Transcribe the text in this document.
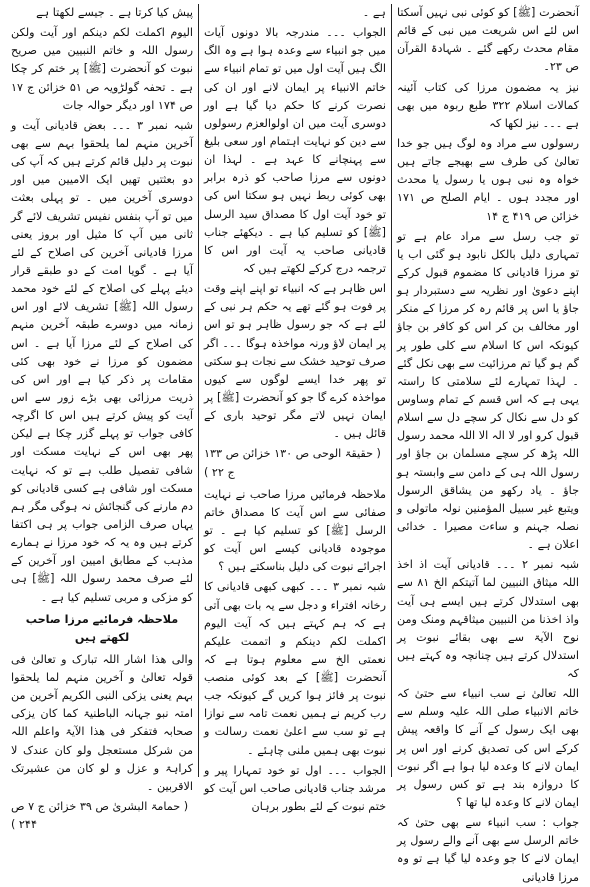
آنحضرت [ﷺ] کو کوئی نبی نہیں آسکتا اس لئے اس شریعت میں نبی کے قائم مقام محدث رکھے گئے ۔ شہادۃ القرآن ص ۲۳۔

نیز یہ مضمون مرزا کی کتاب آئینہ کمالات اسلام ۳۲۲ طبع ربوہ میں بھی ہے ۔۔۔ نیز لکھا کہ

رسولوں سے مراد وہ لوگ ہیں جو خدا تعالیٰ کی طرف سے بھیجے جاتے ہیں خواہ وہ نبی ہوں یا رسول یا محدث اور مجدد ہوں ۔ ایام الصلح ص ۱۷۱ خزائن ص ۴۱۹ ج ۱۴

تو جب رسل سے مراد عام ہے تو تمہاری دلیل بالکل نابود ہو گئی اب یا تو مرزا قادیانی کا مضموم قبول کرکے اپنے دعویٰ اور نظریہ سے دستبردار ہو جاؤ یا اس پر قائم رہ کر مرزا کے منکر اور مخالف بن کر اس کو کافر بن جاؤ کیونکہ اس کا اسلام سے کلی طور پر گم ہو گیا تم مرزائیت سے بھی نکل گئے ۔ لہذا تمہارے لئے سلامتی کا راستہ یہی ہے کہ اس قسم کے تمام وساوس کو دل سے نکال کر سچے دل سے اسلام قبول کرو اور لا الہ الا اللہ محمد رسول اللہ پڑھ کر سچے مسلمان بن جاؤ اور رسول اللہ ہی کے دامن سے وابستہ ہو جاؤ ۔ یاد رکھو من یشاقق الرسول ویتبع غیر سبیل المؤمنین نولہ ماتولی و نصلہ جہنم و ساءت مصیرا ۔ خدائی اعلان ہے ۔

شبہ نمبر ۲ ۔۔۔ قادیانی آیت اذ اخذ اللہ میثاق النبیین لما آتیتکم الخ ۸۱ سے بھی استدلال کرتے ہیں ایسے ہی آیت واذ اخذنا من النبیین میثاقہم ومنک ومن نوح الآیۃ سے بھی بقائے نبوت پر استدلال کرتے ہیں چنانچہ وہ کہتے ہیں کہ

اللہ تعالیٰ نے سب انبیاء سے حتیٰ کہ خاتم الانبیاء صلی اللہ علیہ وسلم سے بھی ایک رسول کے آنے کا واقعہ پیش کرکے اس کی تصدیق کرنے اور اس پر ایمان لانے کا وعدہ لیا ہوا ہے اگر نبوت کا دروازہ بند ہے تو کس رسول پر ایمان لانے کا وعدہ لیا تھا ؟

جواب : سب انبیاء سے بھی حتیٰ کہ خاتم الرسل سے بھی آنے والے رسول پر ایمان لانے کا جو وعدہ لیا گیا ہے تو وہ مرزا قادیانی

ہے ۔

الجواب ۔۔۔ مندرجہ بالا دونوں آیات میں جو انبیاء سے وعدہ ہوا ہے وہ الگ الگ ہیں آیت اول میں تو تمام انبیاء سے خاتم الانبیاء پر ایمان لانے اور ان کی نصرت کرنے کا حکم دیا گیا ہے اور دوسری آیت میں ان اولوالعزم رسولوں سے دین کو نہایت اہتمام اور سعی بلیغ سے پہنچانے کا عہد ہے ۔ لہذا ان دونوں سے مرزا صاحب کو ذرہ برابر بھی کوئی ربط نہیں ہو سکتا اس کی تو خود آیت اول کا مصداق سید الرسل [ﷺ] کو تسلیم کیا ہے ۔ دیکھئے جناب قادیانی صاحب یہ آیت اور اس کا ترجمہ درج کرکے لکھتے ہیں کہ

اس ظاہر ہے کہ انبیاء تو اپنے اپنے وقت پر فوت ہو گئے تھے یہ حکم ہر نبی کے لئے ہے کہ جو رسول ظاہر ہو تو اس پر ایمان لاؤ ورنہ مواخذہ ہوگا ۔۔۔ اگر صرف توحید خشک سے نجات ہو سکتی تو پھر خدا ایسے لوگوں سے کیوں مواخذہ کرے گا جو کو آنحضرت [ﷺ] پر ایمان نہیں لاتے مگر توحید باری کے قائل ہیں ۔

( حقیقۃ الوحی ص ۱۳۰ خزائن ص ۱۳۳ ج ۲۲ )

ملاحظہ فرمائیں مرزا صاحب نے نہایت صفائی سے اس آیت کا مصداق خاتم الرسل [ﷺ] کو تسلیم کیا ہے ۔ تو موجودہ قادیانی کیسے اس آیت کو اجرائے نبوت کی دلیل بناسکتے ہیں ؟

شبہ نمبر ۳ ۔۔۔ کبھی کبھی قادیانی کا رخانہ افتراء و دجل سے یہ بات بھی آتی ہے کہ ہم کہتے ہیں کہ آیت الیوم اکملت لکم دینکم و اتممت علیکم نعمتی الخ سے معلوم ہوتا ہے کہ آنحضرت [ﷺ] کے بعد کوئی منصب نبوت پر فائز ہوا کریں گے کیونکہ جب رب کریم نے ہمیں نعمت تامہ سے نوازا ہے تو سب سے اعلیٰ نعمت رسالت و نبوت بھی ہمیں ملنی چاہئے ۔

الجواب ۔۔۔ اول تو خود تمہارا پیر و مرشد جناب قادیانی صاحب اس آیت کو ختم نبوت کے لئے بطور برہان

پیش کیا کرتا ہے ۔ جیسے لکھتا ہے

الیوم اکملت لکم دینکم اور آیت ولکن رسول اللہ و خاتم النبیین میں صریح نبوت کو آنحضرت [ﷺ] پر ختم کر چکا ہے ۔ تحفہ گولڑویہ ص ۵۱ خزائن ج ۱۷ ص ۱۷۴ اور دیگر حوالہ جات

شبہ نمبر ۳ ۔۔۔ بعض قادیانی آیت و آخرین منہم لما یلحقوا بہم سے بھی نبوت پر دلیل قائم کرتے ہیں کہ آپ کی دو بعثتیں تھیں ایک الامیین میں اور دوسری آخرین میں ۔ تو پہلی بعثت میں تو آپ بنفس نفیس تشریف لائے گر ثانی میں آپ کا مثیل اور بروز یعنی مرزا قادیانی آخرین کی اصلاح کے لئے آیا ہے ۔ گویا امت کے دو طبقے قرار دیئے پہلے کی اصلاح کے لئے خود محمد رسول اللہ [ﷺ] تشریف لائے اور اس زمانہ میں دوسرے طبقہ آخرین منہم کی اصلاح کے لئے مرزا آیا ہے ۔ اس مضمون کو مرزا نے خود بھی کئی مقامات پر ذکر کیا ہے اور اس کی ذریت مرزائی بھی بڑے زور سے اس آیت کو پیش کرتے ہیں اس کا اگرچہ کافی جواب تو پہلے گزر چکا ہے لیکن پھر بھی اس کے نہایت مسکت اور شافی تفصیل طلب ہے تو کہ نہایت مسکت اور شافی ہے کسی قادیانی کو دم مارنے کی گنجائش نہ ہوگی مگر ہم یہاں صرف الزامی جواب پر ہی اکتفا کرتے ہیں وہ یہ کہ خود مرزا نے ہمارے مذہب کے مطابق امیین اور آخرین کے لئے صرف محمد رسول اللہ [ﷺ] ہی کو مزکی و مربی تسلیم کیا ہے ۔

ملاحظہ فرمائیے مرزا صاحب لکھتے ہیں

والی ھذا اشار اللہ تبارک و تعالیٰ فی قولہ تعالیٰ و آخرین منہم لما یلحقوا بہم یعنی یزکی النبی الکریم آخرین من امتہ نبو جہانہ الباطنیۃ کما کان یزکی صحابہ فتفکر فی ھذا الآیۃ واعلم اللہ من شرکل مستعجل ولو کان عندک لا کراہۃ و عزل و لو کان من عشیرتک الاقربین ۔

( حمامۃ البشریٰ ص ۳۹ خزائن ج ۷ ص ۲۴۴ )
